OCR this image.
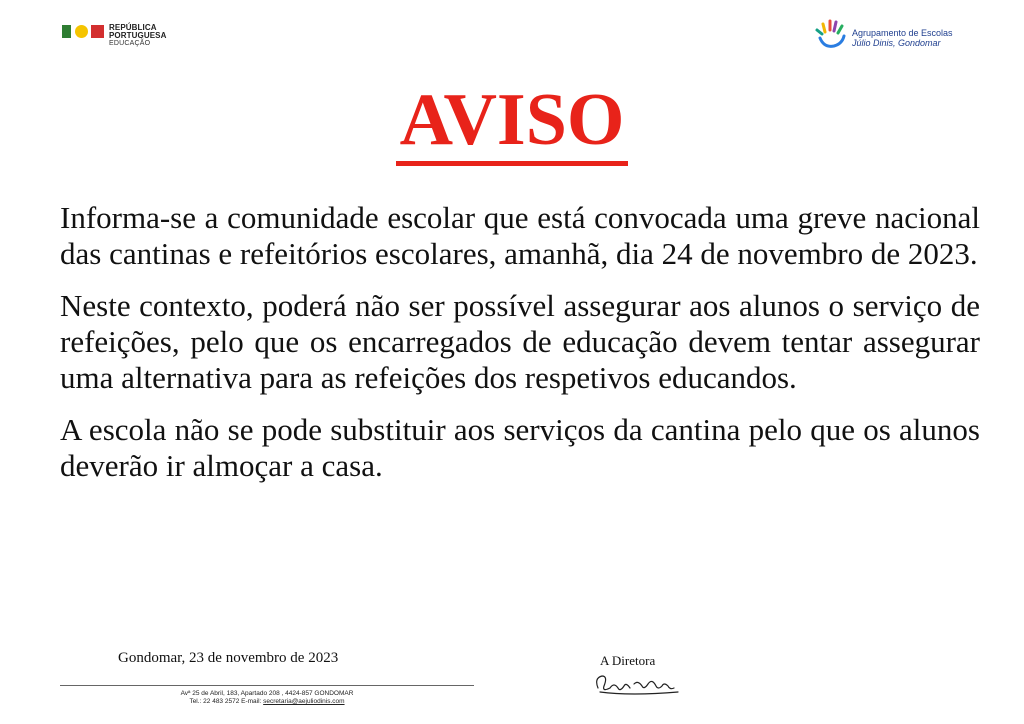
REPÚBLICA
PORTUGUESA
EDUCAÇÃO
Agrupamento de Escolas
Júlio Dinis, Gondomar
AVISO

Informa-se a comunidade escolar que está convocada uma greve nacional das cantinas e refeitórios escolares, amanhã, dia 24 de novembro de 2023.

Neste contexto, poderá não ser possível assegurar aos alunos o serviço de refeições, pelo que os encarregados de educação devem tentar assegurar uma alternativa para as refeições dos respetivos educandos.

A escola não se pode substituir aos serviços da cantina pelo que os alunos deverão ir almoçar a casa.

Gondomar, 23 de novembro de 2023	A Diretora
Avª 25 de Abril, 183, Apartado 208 , 4424-857 GONDOMAR
Tel.: 22 483 2572 E-mail: secretaria@aejuliodinis.com
